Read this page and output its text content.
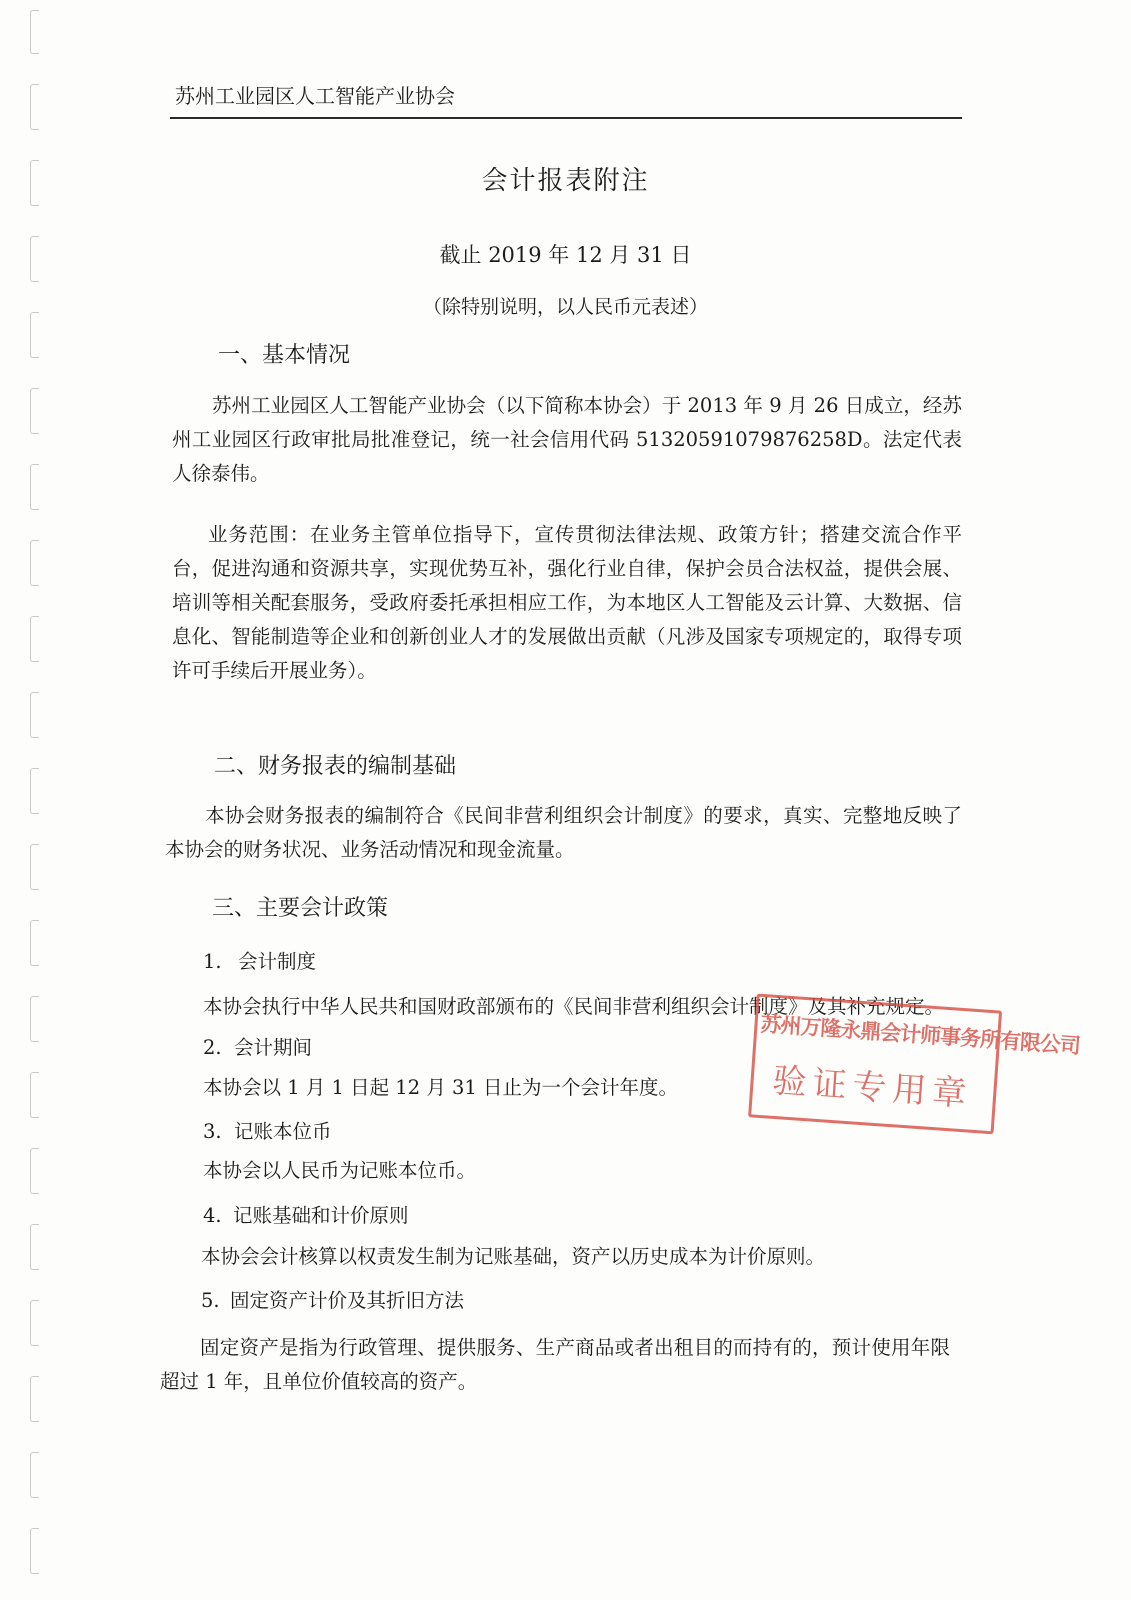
苏州工业园区人工智能产业协会
会计报表附注
截止 2019 年 12 月 31 日
（除特别说明，以人民币元表述）
一、基本情况
苏州工业园区人工智能产业协会（以下简称本协会）于 2013 年 9 月 26 日成立，经苏州工业园区行政审批局批准登记，统一社会信用代码 51320591079876258D。法定代表人徐泰伟。
业务范围：在业务主管单位指导下，宣传贯彻法律法规、政策方针；搭建交流合作平台，促进沟通和资源共享，实现优势互补，强化行业自律，保护会员合法权益，提供会展、培训等相关配套服务，受政府委托承担相应工作，为本地区人工智能及云计算、大数据、信息化、智能制造等企业和创新创业人才的发展做出贡献（凡涉及国家专项规定的，取得专项许可手续后开展业务）。
二、财务报表的编制基础
本协会财务报表的编制符合《民间非营利组织会计制度》的要求，真实、完整地反映了本协会的财务状况、业务活动情况和现金流量。
三、主要会计政策
1. 会计制度
本协会执行中华人民共和国财政部颁布的《民间非营利组织会计制度》及其补充规定。
2. 会计期间
本协会以 1 月 1 日起 12 月 31 日止为一个会计年度。
3. 记账本位币
本协会以人民币为记账本位币。
4. 记账基础和计价原则
本协会会计核算以权责发生制为记账基础，资产以历史成本为计价原则。
5. 固定资产计价及其折旧方法
固定资产是指为行政管理、提供服务、生产商品或者出租目的而持有的，预计使用年限超过 1 年，且单位价值较高的资产。
苏州万隆永鼎会计师事务所有限公司
验证专用章
